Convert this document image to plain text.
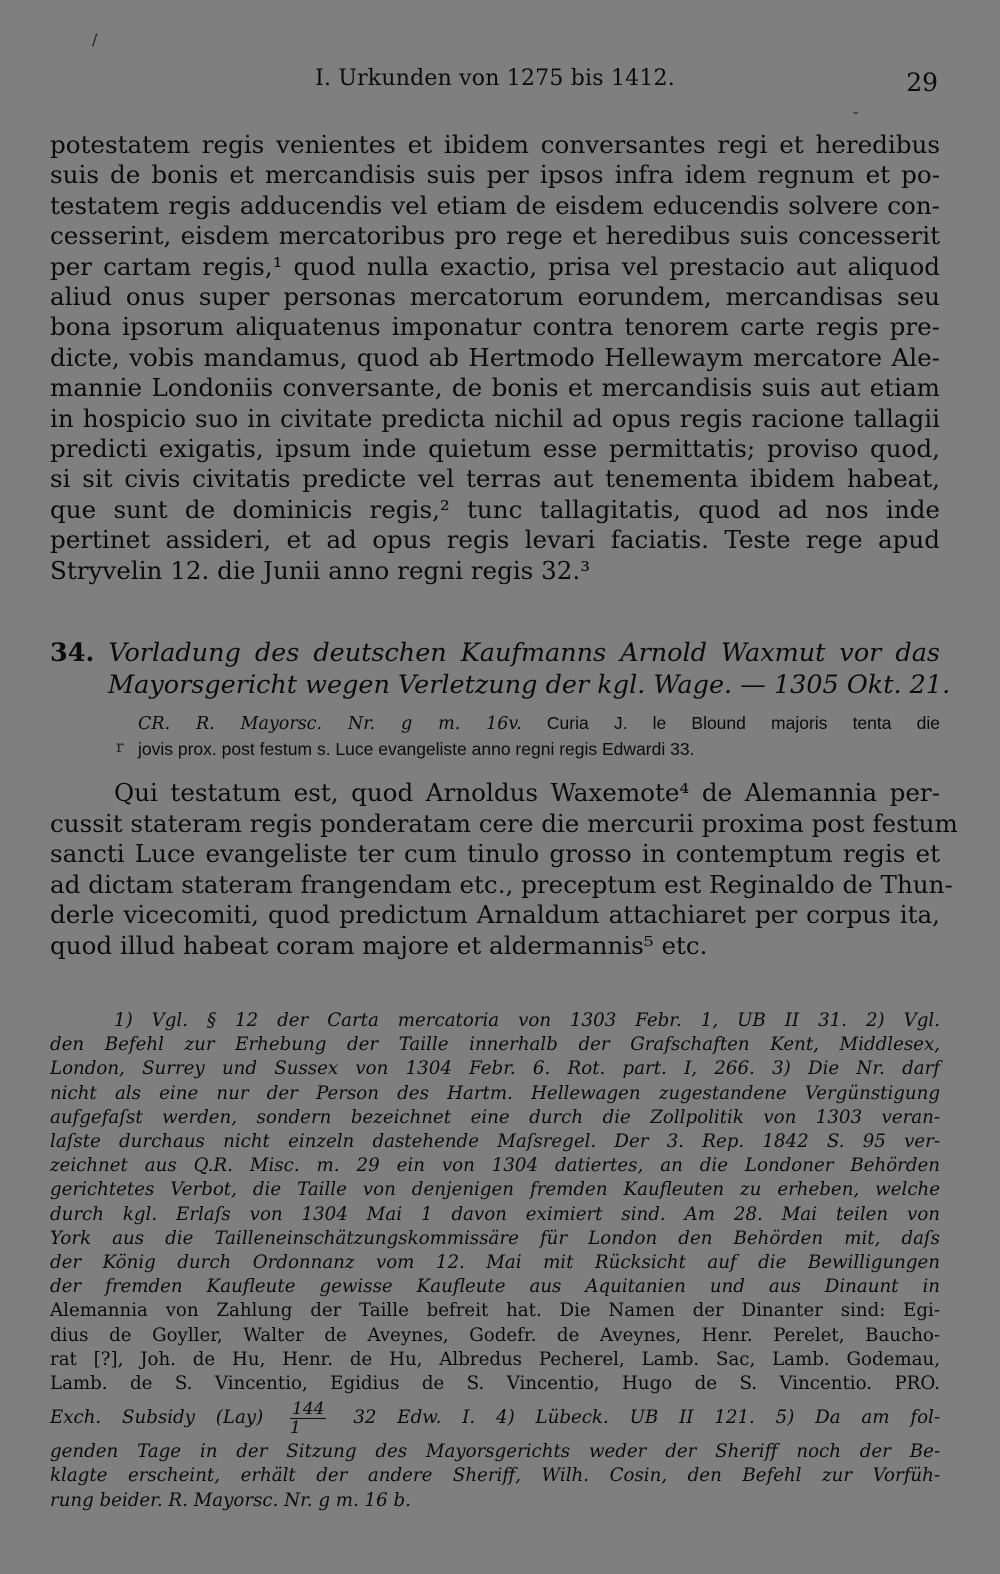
/
-
r
I. Urkunden von 1275 bis 1412.	29
potestatem regis venientes et ibidem conversantes regi et heredibus
suis de bonis et mercandisis suis per ipsos infra idem regnum et po-
testatem regis adducendis vel etiam de eisdem educendis solvere con-
cesserint, eisdem mercatoribus pro rege et heredibus suis concesserit
per cartam regis,¹ quod nulla exactio, prisa vel prestacio aut aliquod
aliud onus super personas mercatorum eorundem, mercandisas seu
bona ipsorum aliquatenus imponatur contra tenorem carte regis pre-
dicte, vobis mandamus, quod ab Hertmodo Hellewaym mercatore Ale-
mannie Londoniis conversante, de bonis et mercandisis suis aut etiam
in hospicio suo in civitate predicta nichil ad opus regis racione tallagii
predicti exigatis, ipsum inde quietum esse permittatis; proviso quod,
si sit civis civitatis predicte vel terras aut tenementa ibidem habeat,
que sunt de dominicis regis,² tunc tallagitatis, quod ad nos inde
pertinet assideri, et ad opus regis levari faciatis. Teste rege apud
Stryvelin 12. die Junii anno regni regis 32.³
34. Vorladung des deutschen Kaufmanns Arnold Waxmut vor das
Mayorsgericht wegen Verletzung der kgl. Wage. — 1305 Okt. 21.
CR. R. Mayorsc. Nr. g m. 16v. Curia J. le Blound majoris tenta die
jovis prox. post festum s. Luce evangeliste anno regni regis Edwardi 33.
Qui testatum est, quod Arnoldus Waxemote⁴ de Alemannia per-
cussit stateram regis ponderatam cere die mercurii proxima post festum
sancti Luce evangeliste ter cum tinulo grosso in contemptum regis et
ad dictam stateram frangendam etc., preceptum est Reginaldo de Thun-
derle vicecomiti, quod predictum Arnaldum attachiaret per corpus ita,
quod illud habeat coram majore et aldermannis⁵ etc.
1) Vgl. § 12 der Carta mercatoria von 1303 Febr. 1, UB II 31. 2) Vgl.
den Befehl zur Erhebung der Taille innerhalb der Grafschaften Kent, Middlesex,
London, Surrey und Sussex von 1304 Febr. 6. Rot. part. I, 266. 3) Die Nr. darf
nicht als eine nur der Person des Hartm. Hellewagen zugestandene Vergünstigung
aufgefaſst werden, sondern bezeichnet eine durch die Zollpolitik von 1303 veran-
laſste durchaus nicht einzeln dastehende Maſsregel. Der 3. Rep. 1842 S. 95 ver-
zeichnet aus Q.R. Misc. m. 29 ein von 1304 datiertes, an die Londoner Behörden
gerichtetes Verbot, die Taille von denjenigen fremden Kaufleuten zu erheben, welche
durch kgl. Erlaſs von 1304 Mai 1 davon eximiert sind. Am 28. Mai teilen von
York aus die Tailleneinschätzungskommissäre für London den Behörden mit, daſs
der König durch Ordonnanz vom 12. Mai mit Rücksicht auf die Bewilligungen
der fremden Kaufleute gewisse Kaufleute aus Aquitanien und aus Dinaunt in
Alemannia von Zahlung der Taille befreit hat. Die Namen der Dinanter sind: Egi-
dius de Goyller, Walter de Aveynes, Godefr. de Aveynes, Henr. Perelet, Baucho-
rat [?], Joh. de Hu, Henr. de Hu, Albredus Pecherel, Lamb. Sac, Lamb. Godemau,
Lamb. de S. Vincentio, Egidius de S. Vincentio, Hugo de S. Vincentio. PRO.
Exch. Subsidy $(Lay) \frac{144}{1} 32$ Edw. I. 4) Lübeck. UB II 121. 5) Da am fol-
genden Tage in der Sitzung des Mayorsgerichts weder der Sheriff noch der Be-
klagte erscheint, erhält der andere Sheriff, Wilh. Cosin, den Befehl zur Vorfüh-
rung beider. R. Mayorsc. Nr. g m. 16 b.
